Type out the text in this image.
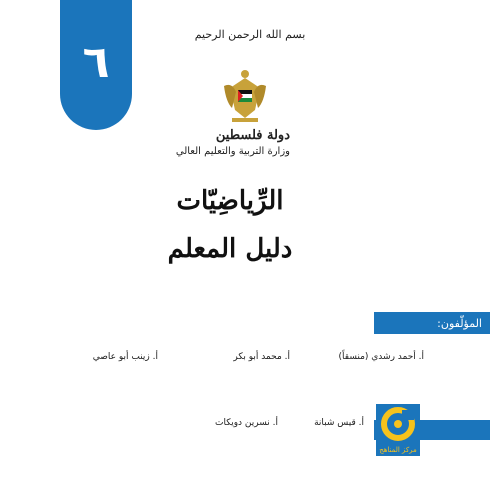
٦
بسم الله الرحمن الرحيم
دولة فلسطين
وزارة التربية والتعليم العالي
الرِّياضِيّات
دليل المعلم
المؤلّفون:
أ. أحمد رشدي (منسقاً)
أ. محمد أبو بكر
أ. زينب أبو عاصي
أ. قيس شبانة
أ. نسرين دويكات
مركز المناهج
